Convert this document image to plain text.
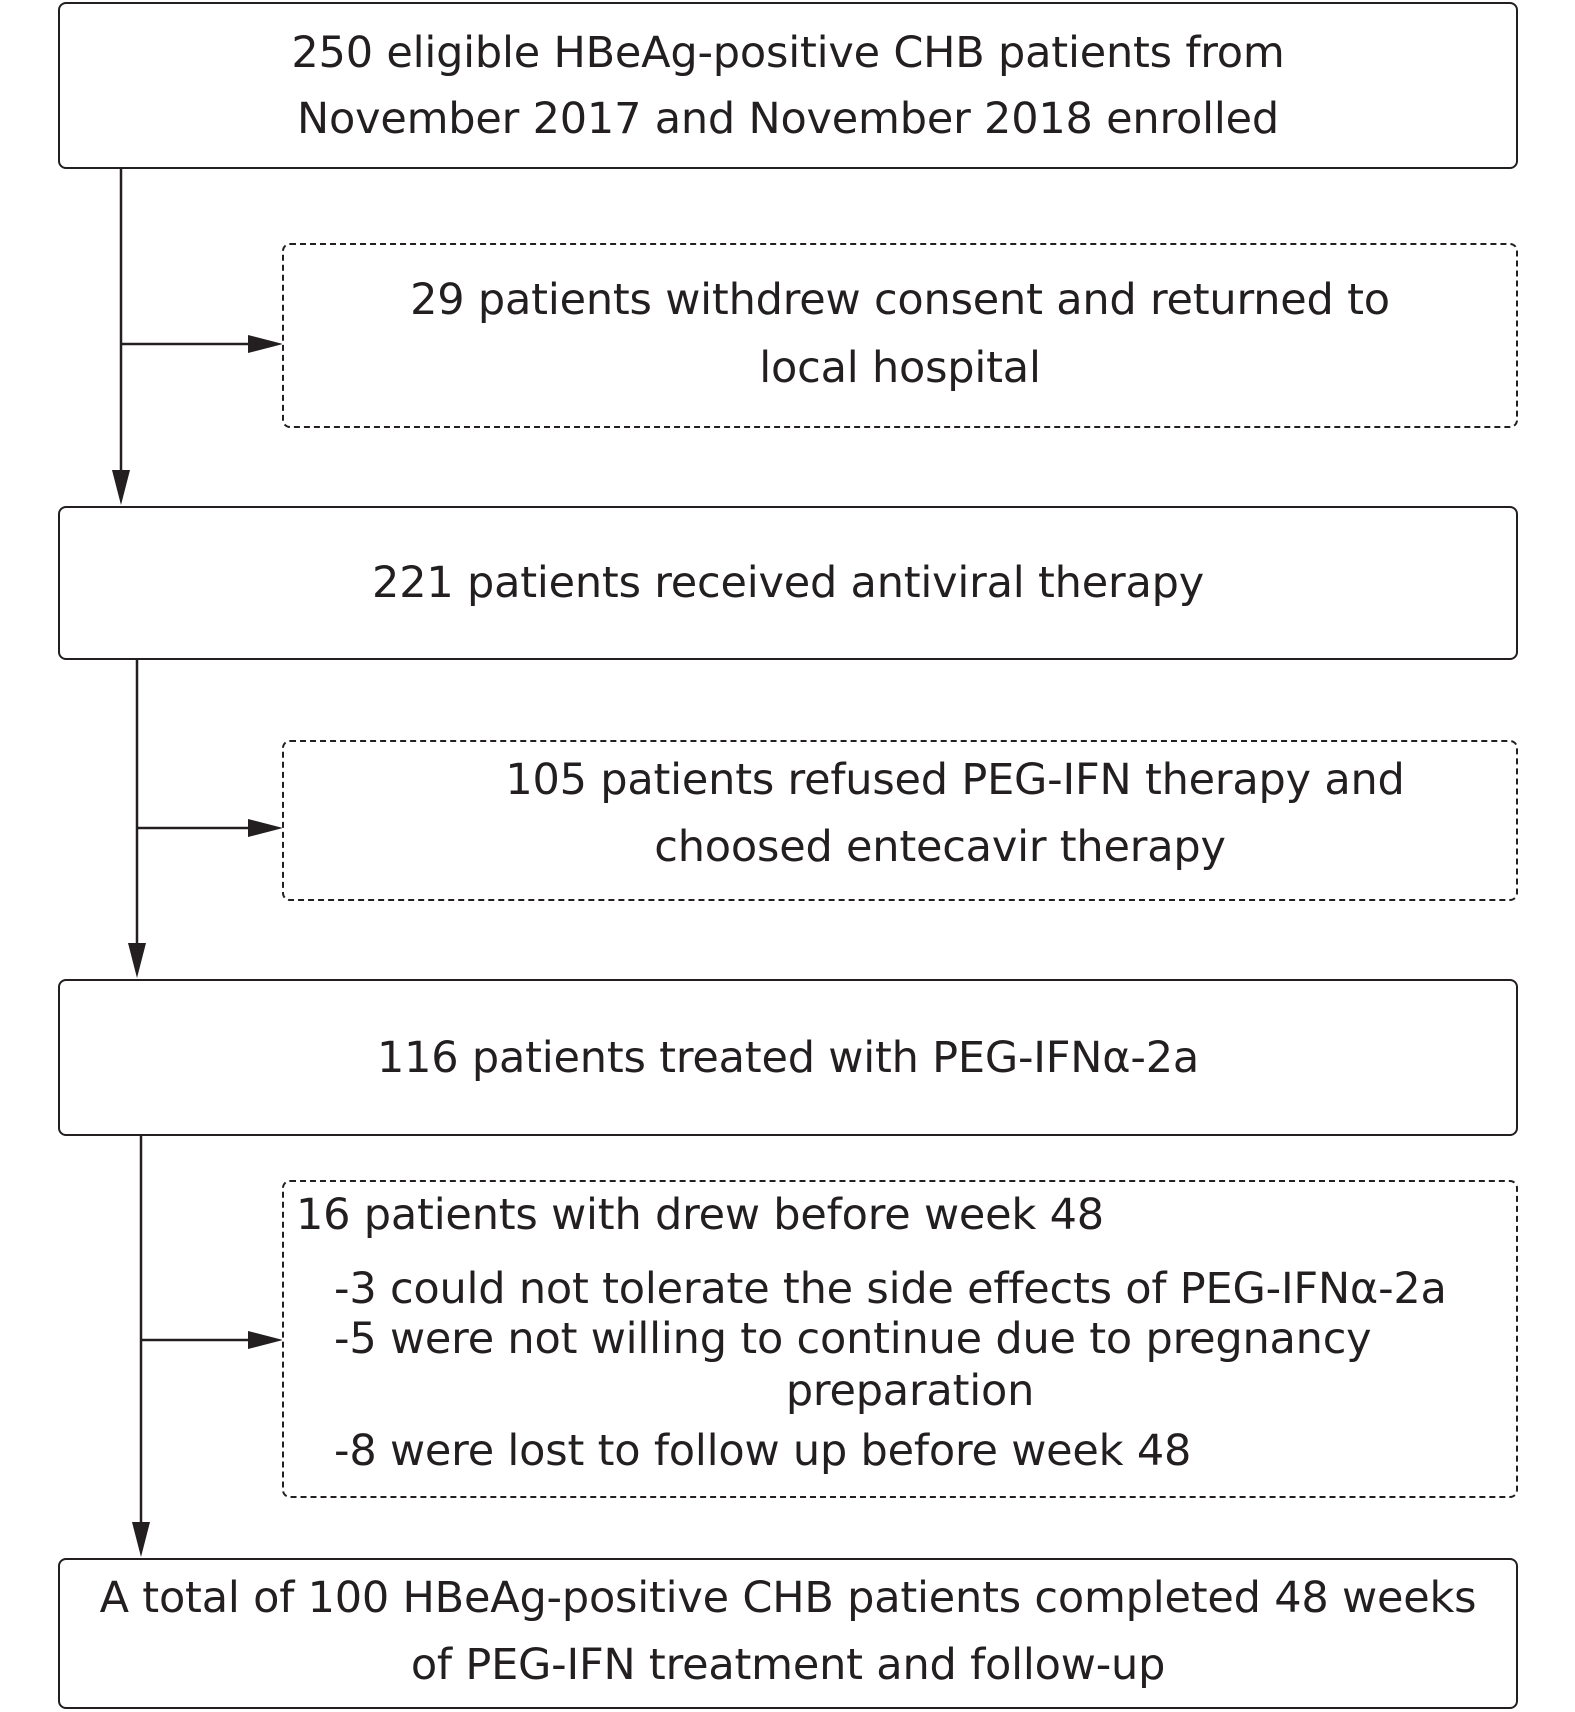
250 eligible HBeAg-positive CHB patients from
November 2017 and November 2018 enrolled
29 patients withdrew consent and returned to
local hospital
221 patients received antiviral therapy
105 patients refused PEG-IFN therapy and
choosed entecavir therapy
116 patients treated with PEG-IFNα-2a
16 patients with drew before week 48
-3 could not tolerate the side effects of PEG-IFNα-2a
-5 were not willing to continue due to pregnancy
preparation
-8 were lost to follow up before week 48
A total of 100 HBeAg-positive CHB patients completed 48 weeks
of PEG-IFN treatment and follow-up
